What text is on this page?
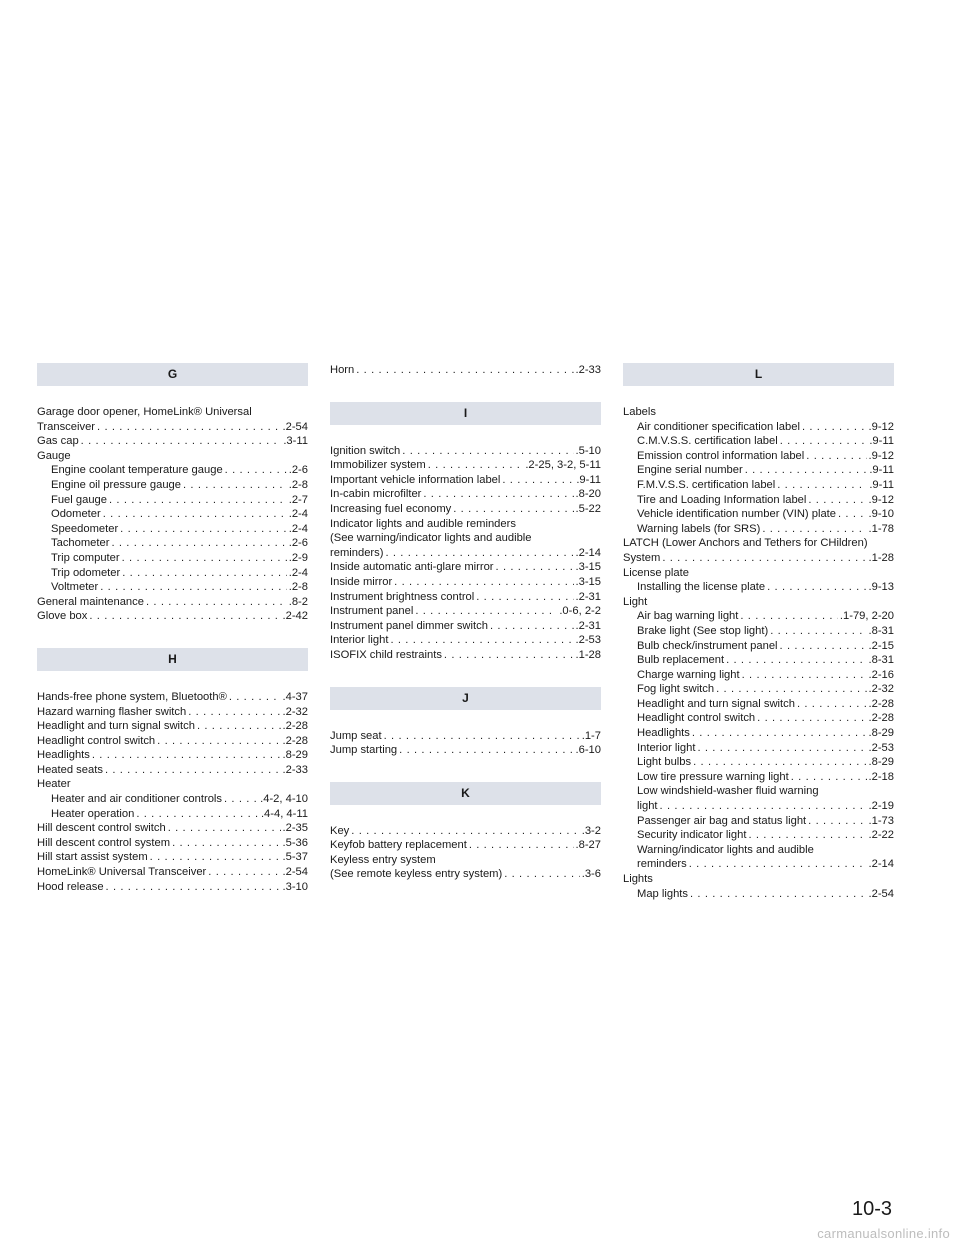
G
Garage door opener, HomeLink® Universal
Transceiver . . .	.2-54
Gas cap . . .	.3-11
Gauge
Engine coolant temperature gauge . . .	.2-6
Engine oil pressure gauge . . .	.2-8
Fuel gauge . . .	.2-7
Odometer . . .	.2-4
Speedometer . . .	.2-4
Tachometer . . .	.2-6
Trip computer . . .	.2-9
Trip odometer . . .	.2-4
Voltmeter . . .	.2-8
General maintenance . . .	.8-2
Glove box . . .	.2-42
H
Hands-free phone system, Bluetooth® . . .	.4-37
Hazard warning flasher switch . . .	.2-32
Headlight and turn signal switch . . .	.2-28
Headlight control switch . . .	.2-28
Headlights . . .	.8-29
Heated seats . . .	.2-33
Heater
Heater and air conditioner controls . . .	.4-2, 4-10
Heater operation . . .	.4-4, 4-11
Hill descent control switch . . .	.2-35
Hill descent control system . . .	.5-36
Hill start assist system . . .	.5-37
HomeLink® Universal Transceiver . . .	.2-54
Hood release . . .	.3-10
Horn . . .	.2-33
I
Ignition switch . . .	.5-10
Immobilizer system . . .	.2-25, 3-2, 5-11
Important vehicle information label . . .	.9-11
In-cabin microfilter . . .	.8-20
Increasing fuel economy . . .	.5-22
Indicator lights and audible reminders
(See warning/indicator lights and audible
reminders) . . .	.2-14
Inside automatic anti-glare mirror . . .	.3-15
Inside mirror . . .	.3-15
Instrument brightness control . . .	.2-31
Instrument panel . . .	.0-6, 2-2
Instrument panel dimmer switch . . .	.2-31
Interior light . . .	.2-53
ISOFIX child restraints . . .	.1-28
J
Jump seat . . .	.1-7
Jump starting . . .	.6-10
K
Key . . .	.3-2
Keyfob battery replacement . . .	.8-27
Keyless entry system
(See remote keyless entry system) . . .	.3-6
L
Labels
Air conditioner specification label . . .	.9-12
C.M.V.S.S. certification label . . .	.9-11
Emission control information label . . .	.9-12
Engine serial number . . .	.9-11
F.M.V.S.S. certification label . . .	.9-11
Tire and Loading Information label . . .	.9-12
Vehicle identification number (VIN) plate . . .	.9-10
Warning labels (for SRS) . . .	.1-78
LATCH (Lower Anchors and Tethers for CHildren)
System . . .	.1-28
License plate
Installing the license plate . . .	.9-13
Light
Air bag warning light . . .	.1-79, 2-20
Brake light (See stop light) . . .	.8-31
Bulb check/instrument panel . . .	.2-15
Bulb replacement . . .	.8-31
Charge warning light . . .	.2-16
Fog light switch . . .	.2-32
Headlight and turn signal switch . . .	.2-28
Headlight control switch . . .	.2-28
Headlights . . .	.8-29
Interior light . . .	.2-53
Light bulbs . . .	.8-29
Low tire pressure warning light . . .	.2-18
Low windshield-washer fluid warning
light . . .	.2-19
Passenger air bag and status light . . .	.1-73
Security indicator light . . .	.2-22
Warning/indicator lights and audible
reminders . . .	.2-14
Lights
Map lights . . .	.2-54
10-3
carmanualsonline.info
